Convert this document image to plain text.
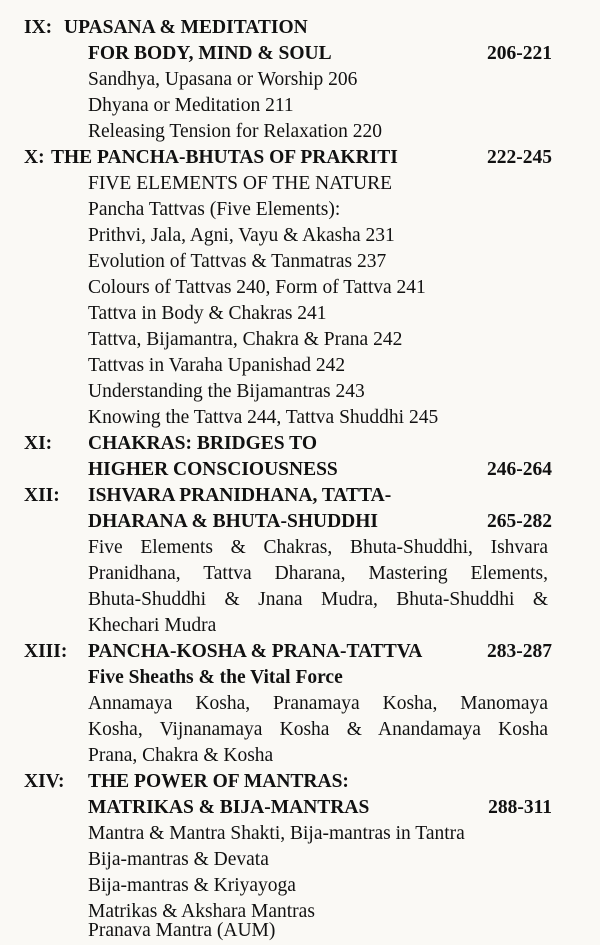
IX: UPASANA & MEDITATION
FOR BODY, MIND & SOUL	206-221
Sandhya, Upasana or Worship 206
Dhyana or Meditation 211
Releasing Tension for Relaxation 220
X: THE PANCHA-BHUTAS OF PRAKRITI	222-245
FIVE ELEMENTS OF THE NATURE
Pancha Tattvas (Five Elements):
Prithvi, Jala, Agni, Vayu & Akasha 231
Evolution of Tattvas & Tanmatras 237
Colours of Tattvas 240, Form of Tattva 241
Tattva in Body & Chakras 241
Tattva, Bijamantra, Chakra & Prana 242
Tattvas in Varaha Upanishad 242
Understanding the Bijamantras 243
Knowing the Tattva 244, Tattva Shuddhi 245
XI: CHAKRAS: BRIDGES TO
HIGHER CONSCIOUSNESS	246-264
XII: ISHVARA PRANIDHANA, TATTA-
DHARANA & BHUTA-SHUDDHI	265-282
Five Elements & Chakras, Bhuta-Shuddhi, Ishvara
Pranidhana, Tattva Dharana, Mastering Elements,
Bhuta-Shuddhi & Jnana Mudra, Bhuta-Shuddhi &
Khechari Mudra
XIII: PANCHA-KOSHA & PRANA-TATTVA	283-287
Five Sheaths & the Vital Force
Annamaya Kosha, Pranamaya Kosha, Manomaya
Kosha, Vijnanamaya Kosha & Anandamaya Kosha
Prana, Chakra & Kosha
XIV: THE POWER OF MANTRAS:
MATRIKAS & BIJA-MANTRAS	288-311
Mantra & Mantra Shakti, Bija-mantras in Tantra
Bija-mantras & Devata
Bija-mantras & Kriyayoga
Matrikas & Akshara Mantras
Pranava Mantra (AUM)
